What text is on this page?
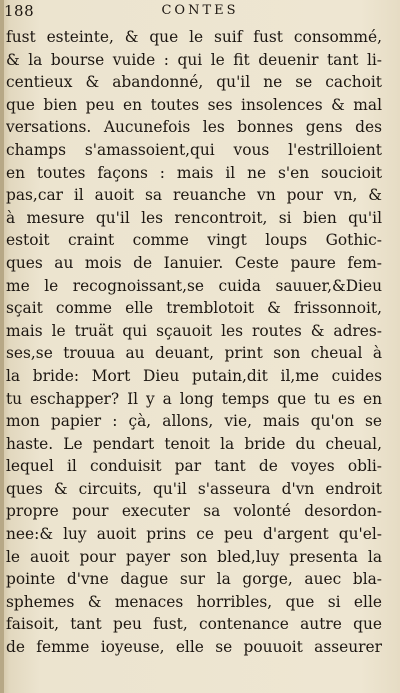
188	CONTES
fust esteinte, & que le suif fust consommé,
& la bourse vuide : qui le fit deuenir tant li-
centieux & abandonné, qu'il ne se cachoit
que bien peu en toutes ses insolences & mal
versations. Aucunefois les bonnes gens des
champs s'amassoient,qui vous l'estrilloient
en toutes façons : mais il ne s'en soucioit
pas,car il auoit sa reuanche vn pour vn, &
à mesure qu'il les rencontroit, si bien qu'il
estoit craint comme vingt loups Gothic-
ques au mois de Ianuier. Ceste paure fem-
me le recognoissant,se cuida sauuer,&Dieu
sçait comme elle tremblotoit & frissonnoit,
mais le truät qui sçauoit les routes & adres-
ses,se trouua au deuant, print son cheual à
la bride: Mort Dieu putain,dit il,me cuides
tu eschapper? Il y a long temps que tu es en
mon papier : çà, allons, vie, mais qu'on se
haste. Le pendart tenoit la bride du cheual,
lequel il conduisit par tant de voyes obli-
ques & circuits, qu'il s'asseura d'vn endroit
propre pour executer sa volonté desordon-
nee:& luy auoit prins ce peu d'argent qu'el-
le auoit pour payer son bled,luy presenta la
pointe d'vne dague sur la gorge, auec bla-
sphemes & menaces horribles, que si elle
faisoit, tant peu fust, contenance autre que
de femme ioyeuse, elle se pouuoit asseurer
